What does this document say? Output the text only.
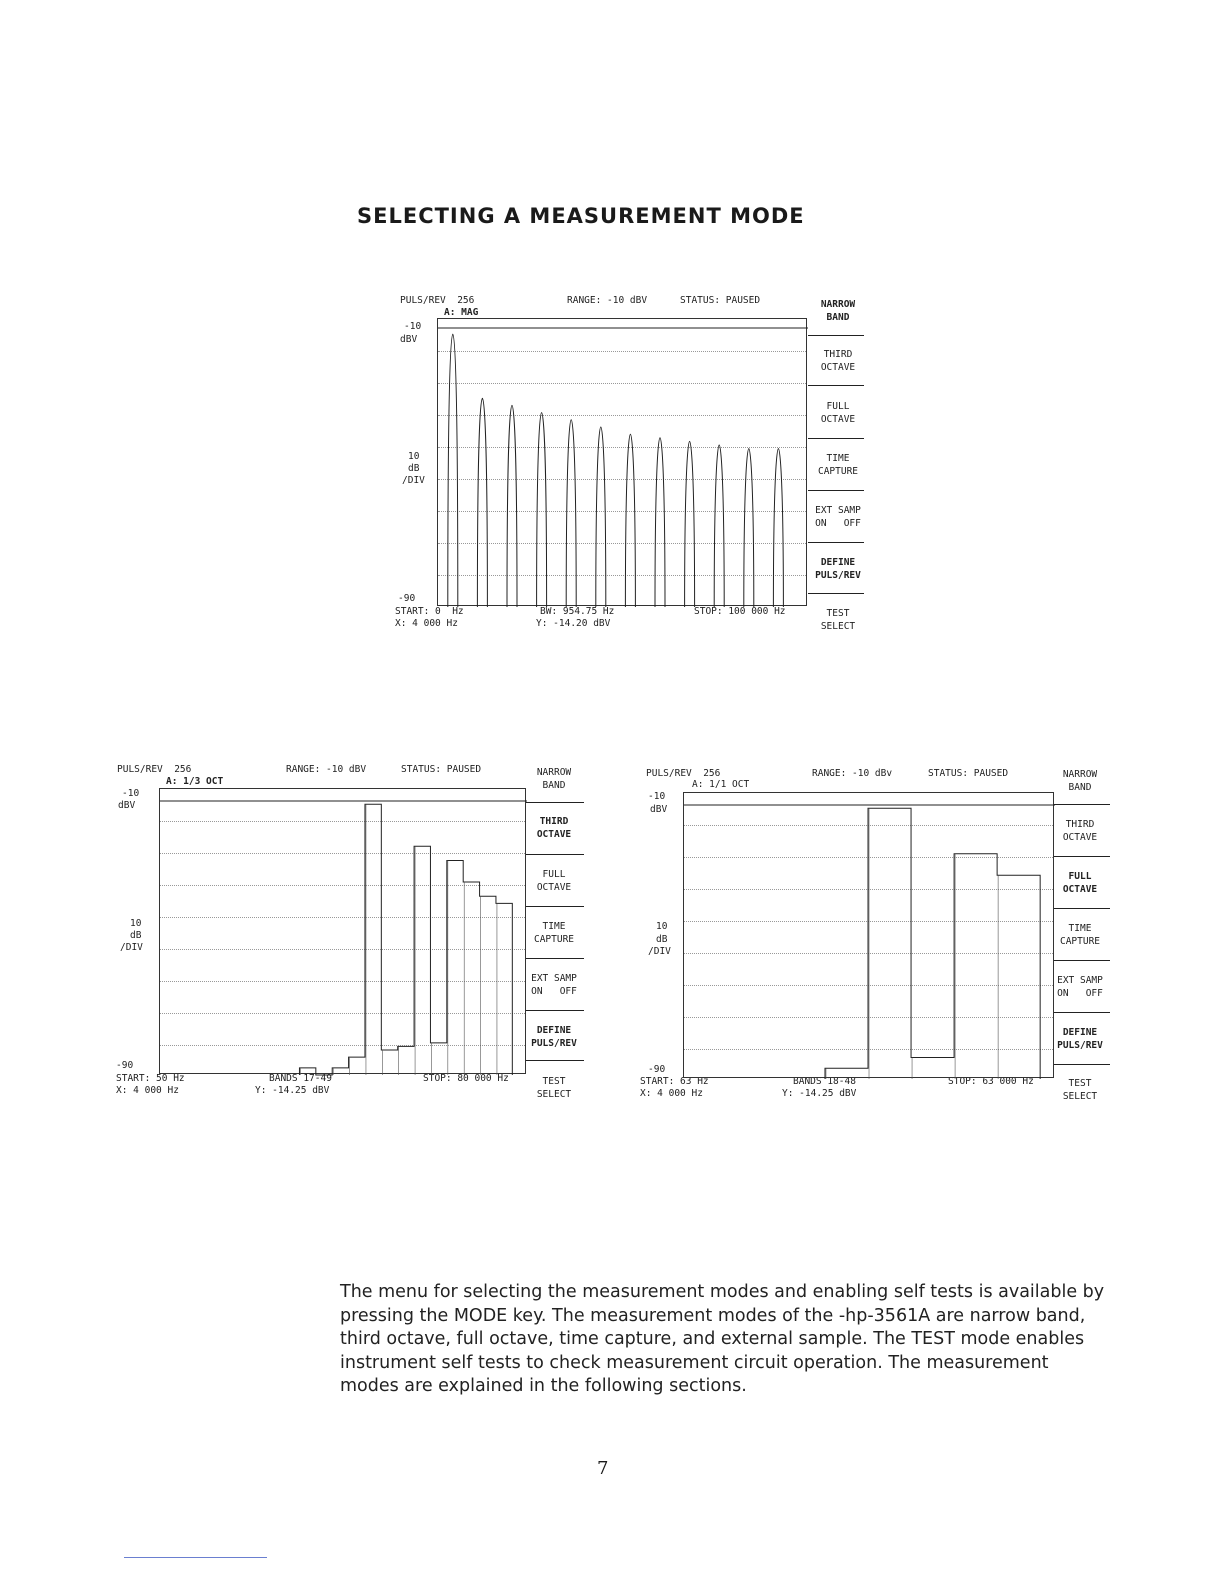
SELECTING A MEASUREMENT MODE
PULS/REV  256	RANGE: -10 dBV	STATUS: PAUSED
A: MAG
-10
dBV
10
dB
/DIV
-90
START: 0  Hz	BW: 954.75 Hz	STOP: 100 000 Hz
X: 4 000 Hz	Y: -14.20 dBV
NARROW
BAND
THIRD
OCTAVE
FULL
OCTAVE
TIME
CAPTURE
EXT SAMP
ON   OFF
DEFINE
PULS/REV
TEST
SELECT
PULS/REV  256	RANGE: -10 dBV	STATUS: PAUSED
A: 1/3 OCT
-10
dBV
10
dB
/DIV
-90
START: 50 Hz	BANDS 17-49	STOP: 80 000 Hz
X: 4 000 Hz	Y: -14.25 dBV
NARROW
BAND
THIRD
OCTAVE
FULL
OCTAVE
TIME
CAPTURE
EXT SAMP
ON   OFF
DEFINE
PULS/REV
TEST
SELECT
PULS/REV  256	RANGE: -10 dBv	STATUS: PAUSED
A: 1/1 OCT
-10
dBV
10
dB
/DIV
-90
START: 63 Hz	BANDS 18-48	STOP: 63 000 Hz
X: 4 000 Hz	Y: -14.25 dBV
NARROW
BAND
THIRD
OCTAVE
FULL
OCTAVE
TIME
CAPTURE
EXT SAMP
ON   OFF
DEFINE
PULS/REV
TEST
SELECT
The menu for selecting the measurement modes and enabling self tests is available by pressing the MODE key. The measurement modes of the -hp-3561A are narrow band, third octave, full octave, time capture, and external sample. The TEST mode enables instrument self tests to check measurement circuit operation. The measurement modes are explained in the following sections.
7
